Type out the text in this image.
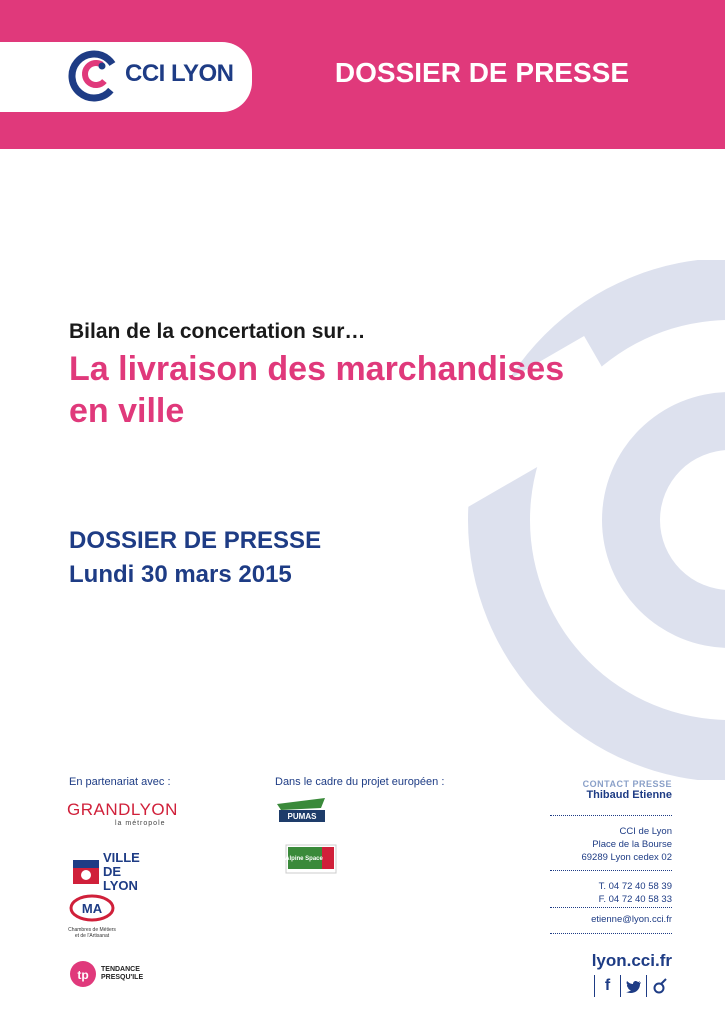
CCI LYON	DOSSIER DE PRESSE
Bilan de la concertation sur…
La livraison des marchandises
en ville
DOSSIER DE PRESSE
Lundi 30 mars 2015
En partenariat avec :	Dans le cadre du projet européen :
GRANDLYON
la métropole
VILLE DE LYON
MA
Chambres de Métiers et de l'Artisanat
tp TENDANCE PRESQU'ILE
PUMAS
Alpine Space
CONTACT PRESSE
Thibaud Etienne
CCI de Lyon
Place de la Bourse
69289 Lyon cedex 02
T. 04 72 40 58 39
F. 04 72 40 58 33
etienne@lyon.cci.fr
lyon.cci.fr
f
